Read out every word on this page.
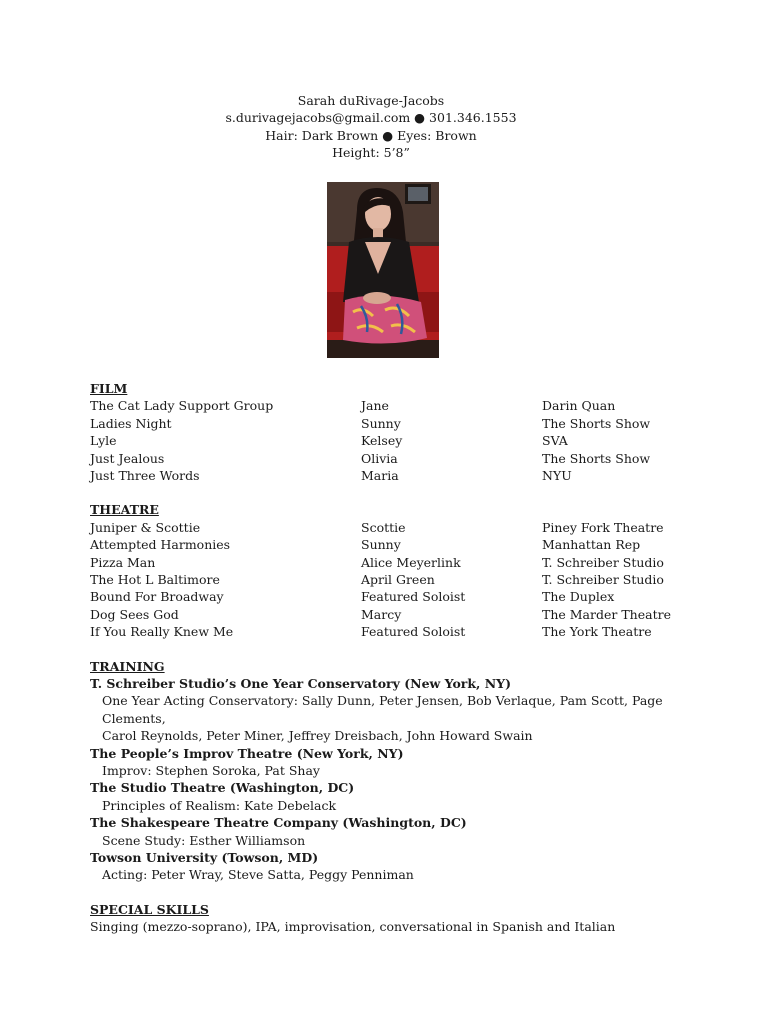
Sarah duRivage-Jacobs
s.durivagejacobs@gmail.com ● 301.346.1553
Hair: Dark Brown ● Eyes: Brown
Height: 5’8”
FILM
The Cat Lady Support Group	Jane	Darin Quan
Ladies Night	Sunny	The Shorts Show
Lyle	Kelsey	SVA
Just Jealous	Olivia	The Shorts Show
Just Three Words	Maria	NYU
THEATRE
Juniper & Scottie	Scottie	Piney Fork Theatre
Attempted Harmonies	Sunny	Manhattan Rep
Pizza Man	Alice Meyerlink	T. Schreiber Studio
The Hot L Baltimore	April Green	T. Schreiber Studio
Bound For Broadway	Featured Soloist	The Duplex
Dog Sees God	Marcy	The Marder Theatre
If You Really Knew Me	Featured Soloist	The York Theatre
TRAINING
T. Schreiber Studio’s One Year Conservatory (New York, NY)
One Year Acting Conservatory: Sally Dunn, Peter Jensen, Bob Verlaque, Pam Scott, Page Clements,
Carol Reynolds, Peter Miner, Jeffrey Dreisbach, John Howard Swain
The People’s Improv Theatre (New York, NY)
Improv: Stephen Soroka, Pat Shay
The Studio Theatre (Washington, DC)
Principles of Realism: Kate Debelack
The Shakespeare Theatre Company (Washington, DC)
Scene Study: Esther Williamson
Towson University (Towson, MD)
Acting: Peter Wray, Steve Satta, Peggy Penniman
SPECIAL SKILLS
Singing (mezzo-soprano), IPA, improvisation, conversational in Spanish and Italian
